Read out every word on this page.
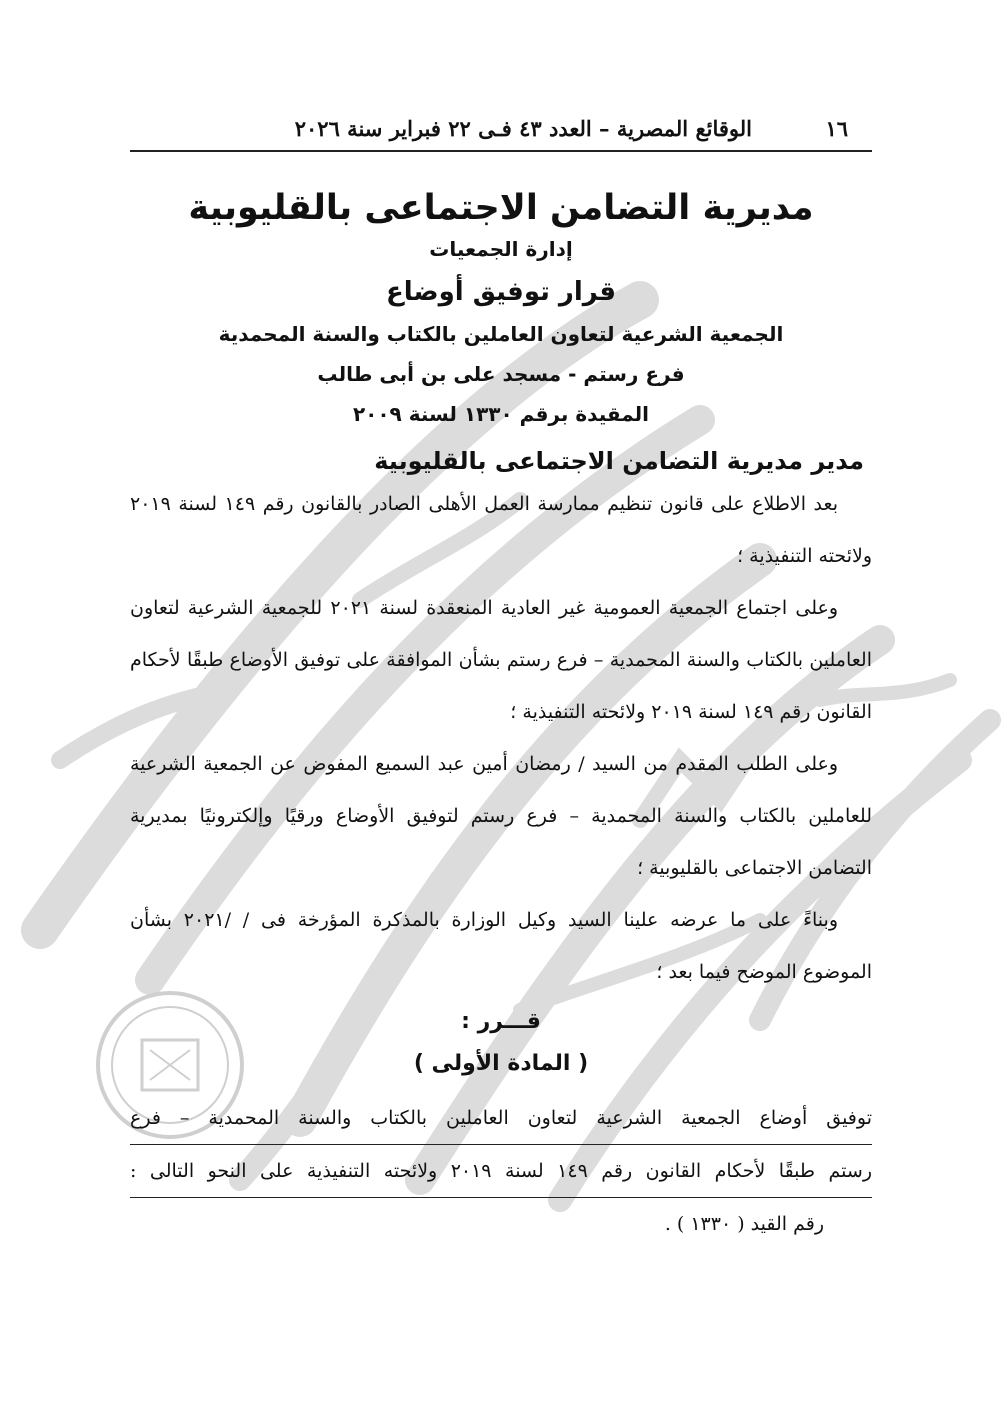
١٦
الوقائع المصرية – العدد ٤٣ فـى ٢٢ فبراير سنة ٢٠٢٦
مديرية التضامن الاجتماعى بالقليوبية
إدارة الجمعيات
قرار توفيق أوضاع
الجمعية الشرعية لتعاون العاملين بالكتاب والسنة المحمدية
فرع رستم - مسجد على بن أبى طالب
المقيدة برقم ١٣٣٠ لسنة ٢٠٠٩
مدير مديرية التضامن الاجتماعى بالقليوبية

بعد الاطلاع على قانون تنظيم ممارسة العمل الأهلى الصادر بالقانون رقم ١٤٩ لسنة ٢٠١٩ ولائحته التنفيذية ؛

وعلى اجتماع الجمعية العمومية غير العادية المنعقدة لسنة ٢٠٢١ للجمعية الشرعية لتعاون العاملين بالكتاب والسنة المحمدية – فرع رستم بشأن الموافقة على توفيق الأوضاع طبقًا لأحكام القانون رقم ١٤٩ لسنة ٢٠١٩ ولائحته التنفيذية ؛

وعلى الطلب المقدم من السيد / رمضان أمين عبد السميع المفوض عن الجمعية الشرعية للعاملين بالكتاب والسنة المحمدية – فرع رستم لتوفيق الأوضاع ورقيًا وإلكترونيًا بمديرية التضامن الاجتماعى بالقليوبية ؛

وبناءً على ما عرضه علينا السيد وكيل الوزارة بالمذكرة المؤرخة فى / /٢٠٢١ بشأن الموضوع الموضح فيما بعد ؛

قـــرر :
( المادة الأولى )
توفيق أوضاع الجمعية الشرعية لتعاون العاملين بالكتاب والسنة المحمدية – فرع
رستم طبقًا لأحكام القانون رقم ١٤٩ لسنة ٢٠١٩ ولائحته التنفيذية على النحو التالى :
رقم القيد ( ١٣٣٠ ) .
